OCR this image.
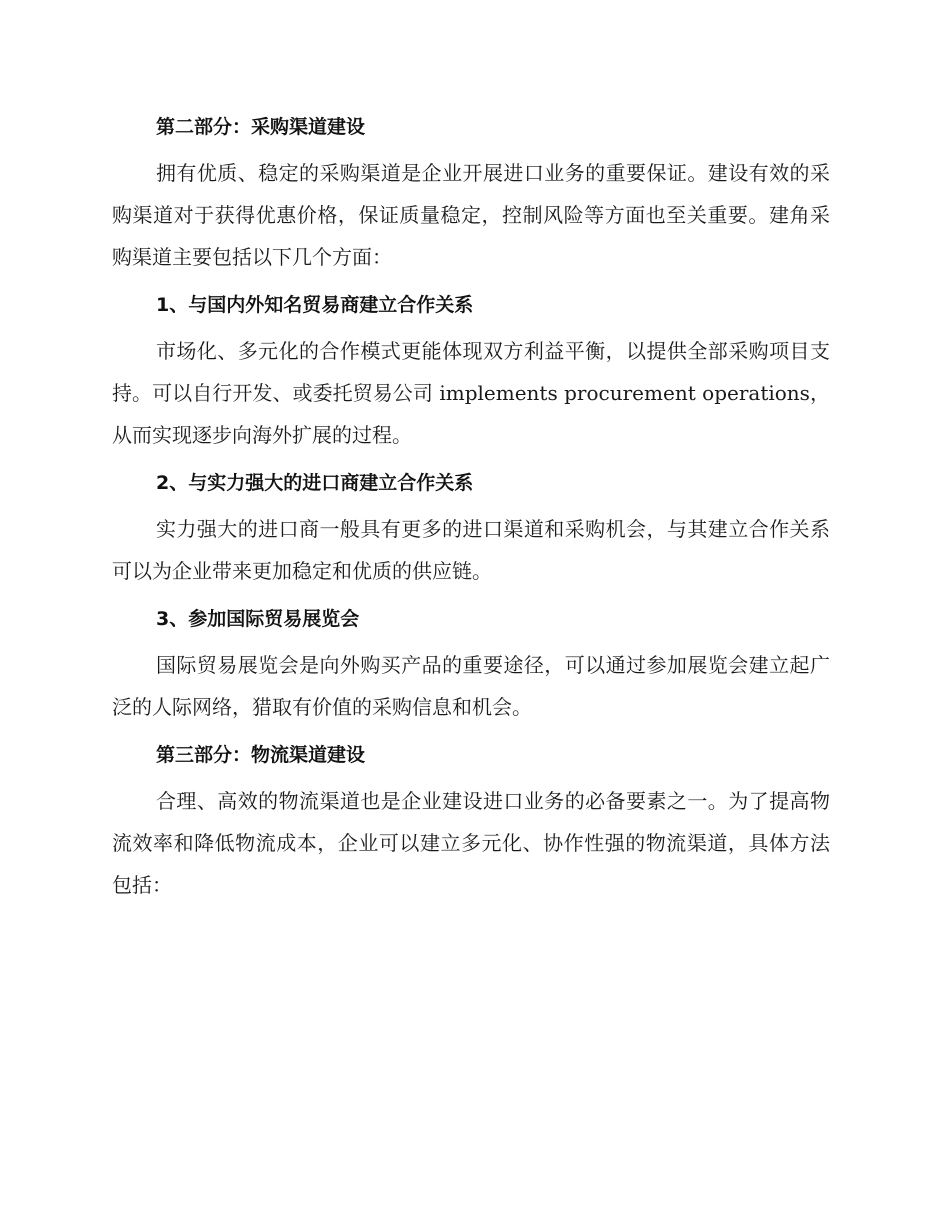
第二部分：采购渠道建设

拥有优质、稳定的采购渠道是企业开展进口业务的重要保证。建设有效的采购渠道对于获得优惠价格，保证质量稳定，控制风险等方面也至关重要。建角采购渠道主要包括以下几个方面：

1、与国内外知名贸易商建立合作关系

市场化、多元化的合作模式更能体现双方利益平衡，以提供全部采购项目支持。可以自行开发、或委托贸易公司 implements procurement operations，从而实现逐步向海外扩展的过程。

2、与实力强大的进口商建立合作关系

实力强大的进口商一般具有更多的进口渠道和采购机会，与其建立合作关系可以为企业带来更加稳定和优质的供应链。

3、参加国际贸易展览会

国际贸易展览会是向外购买产品的重要途径，可以通过参加展览会建立起广泛的人际网络，猎取有价值的采购信息和机会。

第三部分：物流渠道建设

合理、高效的物流渠道也是企业建设进口业务的必备要素之一。为了提高物流效率和降低物流成本，企业可以建立多元化、协作性强的物流渠道，具体方法包括：
